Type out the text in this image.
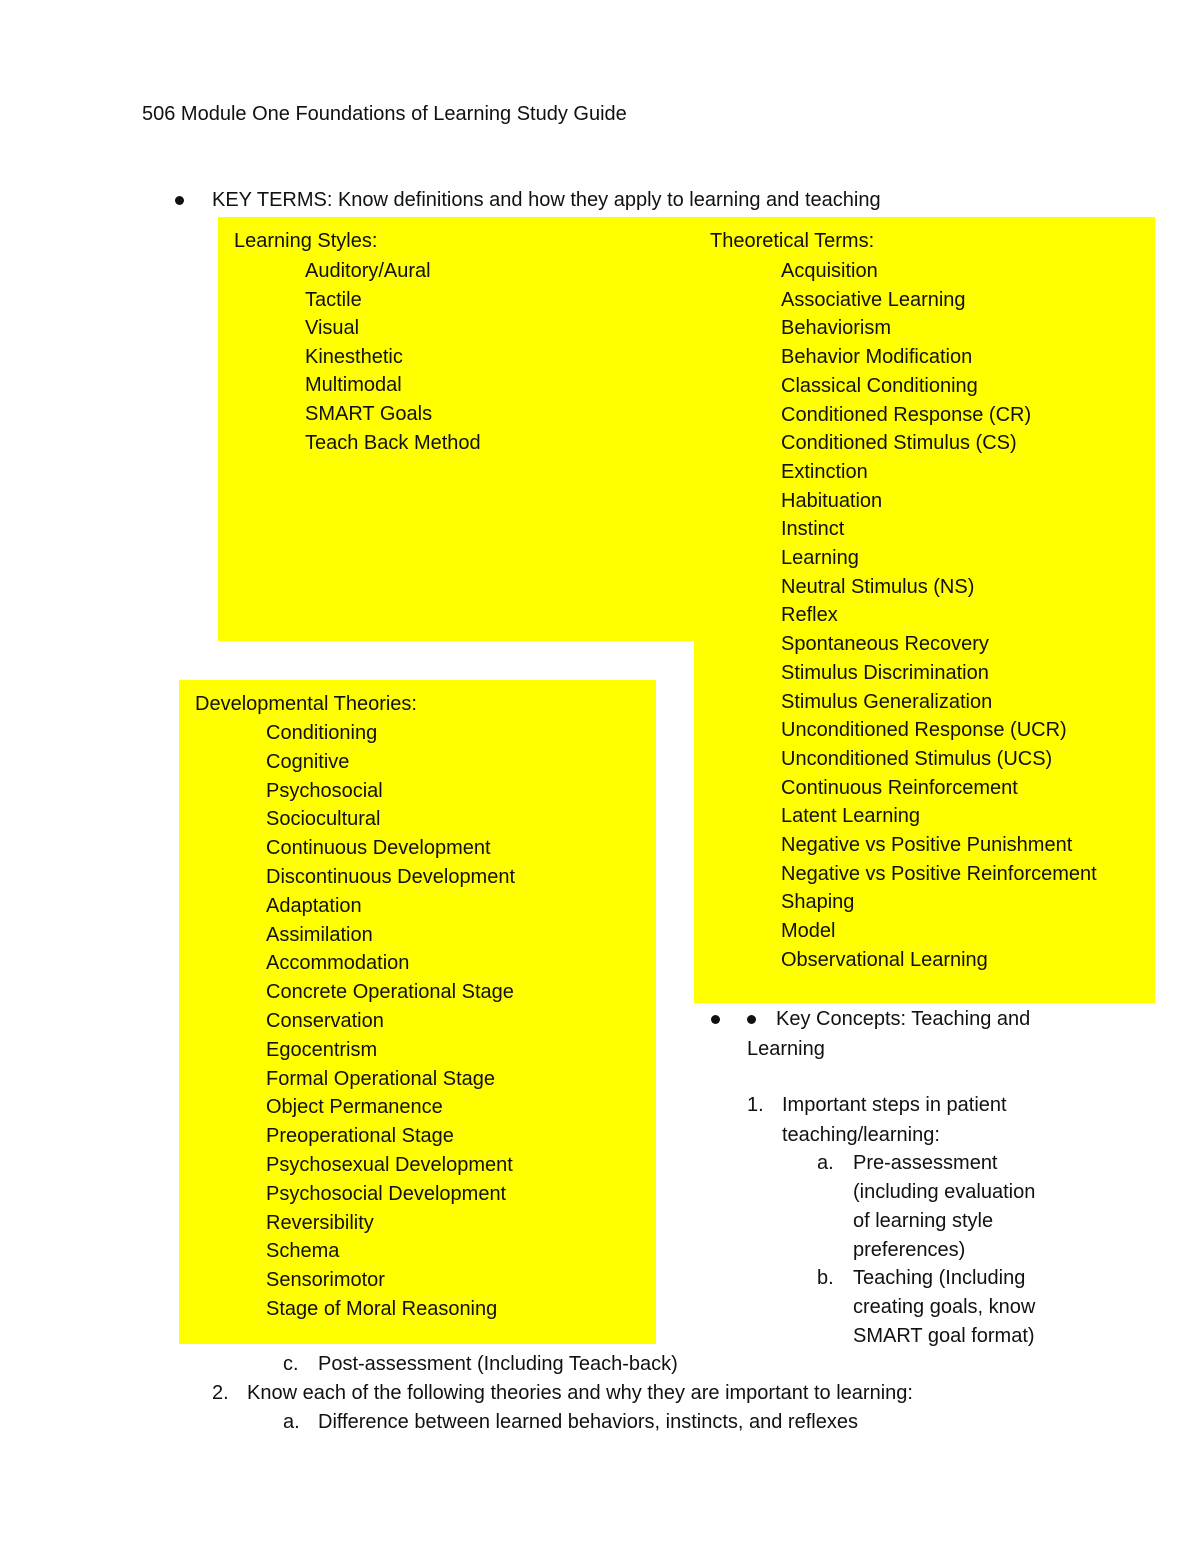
506 Module One Foundations of Learning Study Guide
KEY TERMS: Know definitions and how they apply to learning and teaching
Learning Styles:
Auditory/Aural
Tactile
Visual
Kinesthetic
Multimodal
SMART Goals
Teach Back Method
Theoretical Terms:
Acquisition
Associative Learning
Behaviorism
Behavior Modification
Classical Conditioning
Conditioned Response (CR)
Conditioned Stimulus (CS)
Extinction
Habituation
Instinct
Learning
Neutral Stimulus (NS)
Reflex
Spontaneous Recovery
Stimulus Discrimination
Stimulus Generalization
Unconditioned Response (UCR)
Unconditioned Stimulus (UCS)
Continuous Reinforcement
Latent Learning
Negative vs Positive Punishment
Negative vs Positive Reinforcement
Shaping
Model
Observational Learning
Developmental Theories:
Conditioning
Cognitive
Psychosocial
Sociocultural
Continuous Development
Discontinuous Development
Adaptation
Assimilation
Accommodation
Concrete Operational Stage
Conservation
Egocentrism
Formal Operational Stage
Object Permanence
Preoperational Stage
Psychosexual Development
Psychosocial Development
Reversibility
Schema
Sensorimotor
Stage of Moral Reasoning
Key Concepts: Teaching and
Learning
1. Important steps in patient
teaching/learning:
a. Pre-assessment
(including evaluation
of learning style
preferences)
b. Teaching (Including
creating goals, know
SMART goal format)
c. Post-assessment (Including Teach-back)
2. Know each of the following theories and why they are important to learning:
a. Difference between learned behaviors, instincts, and reflexes
